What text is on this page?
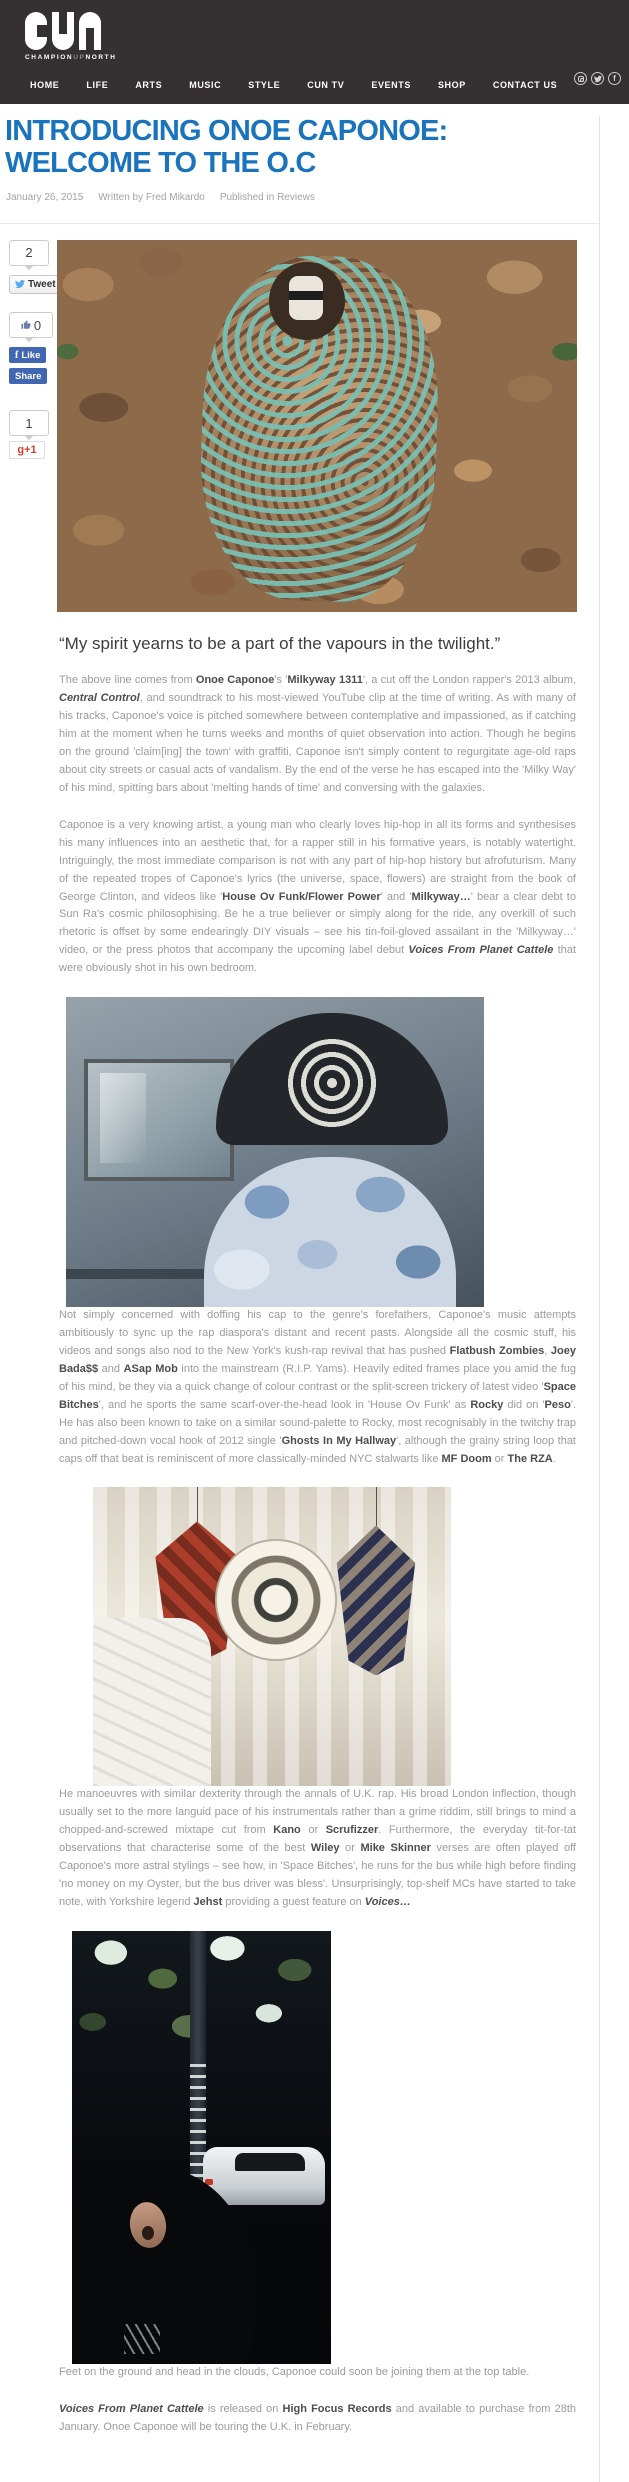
CHAMPIONUPNORTH
HOME	LIFE	ARTS	MUSIC	STYLE	CUN TV	EVENTS	SHOP	CONTACT US
f
INTRODUCING ONOE CAPONOE: WELCOME TO THE O.C
January 26, 2015 Written by Fred Mikardo Published in Reviews
2
Tweet
0
f Like

Share
1
g+1
“My spirit yearns to be a part of the vapours in the twilight.”

The above line comes from Onoe Caponoe's 'Milkyway 1311', a cut off the London rapper's 2013 album, Central Control, and soundtrack to his most-viewed YouTube clip at the time of writing. As with many of his tracks, Caponoe's voice is pitched somewhere between contemplative and impassioned, as if catching him at the moment when he turns weeks and months of quiet observation into action. Though he begins on the ground 'claim[ing] the town' with graffiti, Caponoe isn't simply content to regurgitate age-old raps about city streets or casual acts of vandalism. By the end of the verse he has escaped into the 'Milky Way' of his mind, spitting bars about 'melting hands of time' and conversing with the galaxies.

Caponoe is a very knowing artist, a young man who clearly loves hip-hop in all its forms and synthesises his many influences into an aesthetic that, for a rapper still in his formative years, is notably watertight. Intriguingly, the most immediate comparison is not with any part of hip-hop history but afrofuturism. Many of the repeated tropes of Caponoe's lyrics (the universe, space, flowers) are straight from the book of George Clinton, and videos like 'House Ov Funk/Flower Power' and 'Milkyway…' bear a clear debt to Sun Ra's cosmic philosophising. Be he a true believer or simply along for the ride, any overkill of such rhetoric is offset by some endearingly DIY visuals – see his tin-foil-gloved assailant in the 'Milkyway…' video, or the press photos that accompany the upcoming label debut Voices From Planet Cattele that were obviously shot in his own bedroom.

Not simply concerned with doffing his cap to the genre's forefathers, Caponoe's music attempts ambitiously to sync up the rap diaspora's distant and recent pasts. Alongside all the cosmic stuff, his videos and songs also nod to the New York's kush-rap revival that has pushed Flatbush Zombies, Joey Bada$$ and ASap Mob into the mainstream (R.I.P. Yams). Heavily edited frames place you amid the fug of his mind, be they via a quick change of colour contrast or the split-screen trickery of latest video 'Space Bitches', and he sports the same scarf-over-the-head look in 'House Ov Funk' as Rocky did on 'Peso'. He has also been known to take on a similar sound-palette to Rocky, most recognisably in the twitchy trap and pitched-down vocal hook of 2012 single 'Ghosts In My Hallway', although the grainy string loop that caps off that beat is reminiscent of more classically-minded NYC stalwarts like MF Doom or The RZA.

He manoeuvres with similar dexterity through the annals of U.K. rap. His broad London inflection, though usually set to the more languid pace of his instrumentals rather than a grime riddim, still brings to mind a chopped-and-screwed mixtape cut from Kano or Scrufizzer. Furthermore, the everyday tit-for-tat observations that characterise some of the best Wiley or Mike Skinner verses are often played off Caponoe's more astral stylings – see how, in 'Space Bitches', he runs for the bus while high before finding 'no money on my Oyster, but the bus driver was bless'. Unsurprisingly, top-shelf MCs have started to take note, with Yorkshire legend Jehst providing a guest feature on Voices…

Feet on the ground and head in the clouds, Caponoe could soon be joining them at the top table.

Voices From Planet Cattele is released on High Focus Records and available to purchase from 28th January. Onoe Caponoe will be touring the U.K. in February.
